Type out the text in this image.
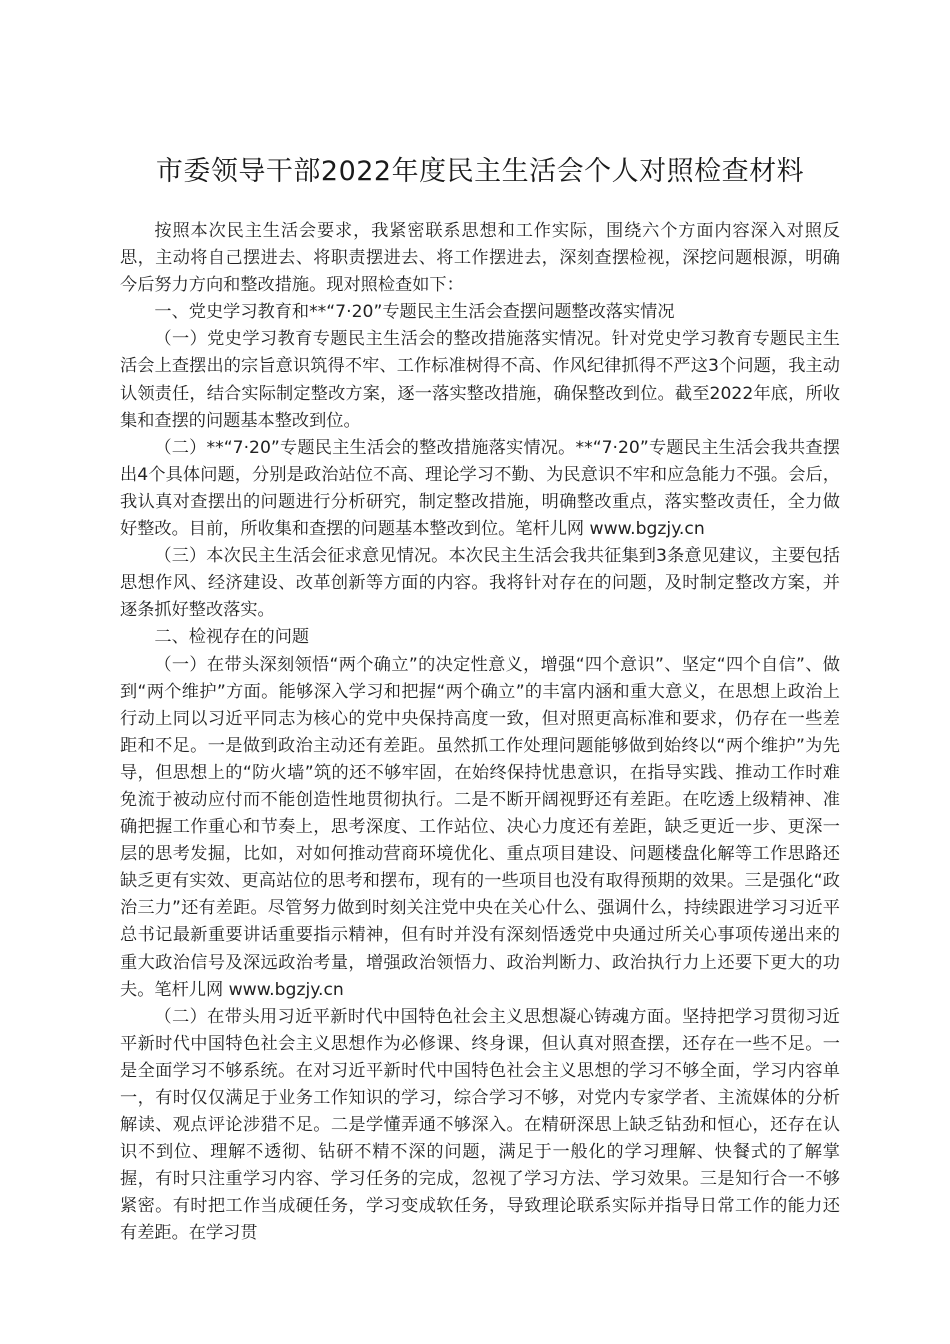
市委领导干部2022年度民主生活会个人对照检查材料

按照本次民主生活会要求，我紧密联系思想和工作实际，围绕六个方面内容深入对照反思，主动将自己摆进去、将职责摆进去、将工作摆进去，深刻查摆检视，深挖问题根源，明确今后努力方向和整改措施。现对照检查如下：

一、党史学习教育和**“7·20”专题民主生活会查摆问题整改落实情况

（一）党史学习教育专题民主生活会的整改措施落实情况。针对党史学习教育专题民主生活会上查摆出的宗旨意识筑得不牢、工作标准树得不高、作风纪律抓得不严这3个问题，我主动认领责任，结合实际制定整改方案，逐一落实整改措施，确保整改到位。截至2022年底，所收集和查摆的问题基本整改到位。

（二）**“7·20”专题民主生活会的整改措施落实情况。**“7·20”专题民主生活会我共查摆出4个具体问题，分别是政治站位不高、理论学习不勤、为民意识不牢和应急能力不强。会后，我认真对查摆出的问题进行分析研究，制定整改措施，明确整改重点，落实整改责任，全力做好整改。目前，所收集和查摆的问题基本整改到位。笔杆儿网 www.bgzjy.cn

（三）本次民主生活会征求意见情况。本次民主生活会我共征集到3条意见建议，主要包括思想作风、经济建设、改革创新等方面的内容。我将针对存在的问题，及时制定整改方案，并逐条抓好整改落实。

二、检视存在的问题

（一）在带头深刻领悟“两个确立”的决定性意义，增强“四个意识”、坚定“四个自信”、做到“两个维护”方面。能够深入学习和把握“两个确立”的丰富内涵和重大意义，在思想上政治上行动上同以习近平同志为核心的党中央保持高度一致，但对照更高标准和要求，仍存在一些差距和不足。一是做到政治主动还有差距。虽然抓工作处理问题能够做到始终以“两个维护”为先导，但思想上的“防火墙”筑的还不够牢固，在始终保持忧患意识，在指导实践、推动工作时难免流于被动应付而不能创造性地贯彻执行。二是不断开阔视野还有差距。在吃透上级精神、准确把握工作重心和节奏上，思考深度、工作站位、决心力度还有差距，缺乏更近一步、更深一层的思考发掘，比如，对如何推动营商环境优化、重点项目建设、问题楼盘化解等工作思路还缺乏更有实效、更高站位的思考和摆布，现有的一些项目也没有取得预期的效果。三是强化“政治三力”还有差距。尽管努力做到时刻关注党中央在关心什么、强调什么，持续跟进学习习近平总书记最新重要讲话重要指示精神，但有时并没有深刻悟透党中央通过所关心事项传递出来的重大政治信号及深远政治考量，增强政治领悟力、政治判断力、政治执行力上还要下更大的功夫。笔杆儿网 www.bgzjy.cn

（二）在带头用习近平新时代中国特色社会主义思想凝心铸魂方面。坚持把学习贯彻习近平新时代中国特色社会主义思想作为必修课、终身课，但认真对照查摆，还存在一些不足。一是全面学习不够系统。在对习近平新时代中国特色社会主义思想的学习不够全面，学习内容单一，有时仅仅满足于业务工作知识的学习，综合学习不够，对党内专家学者、主流媒体的分析解读、观点评论涉猎不足。二是学懂弄通不够深入。在精研深思上缺乏钻劲和恒心，还存在认识不到位、理解不透彻、钻研不精不深的问题，满足于一般化的学习理解、快餐式的了解掌握，有时只注重学习内容、学习任务的完成，忽视了学习方法、学习效果。三是知行合一不够紧密。有时把工作当成硬任务，学习变成软任务，导致理论联系实际并指导日常工作的能力还有差距。在学习贯
